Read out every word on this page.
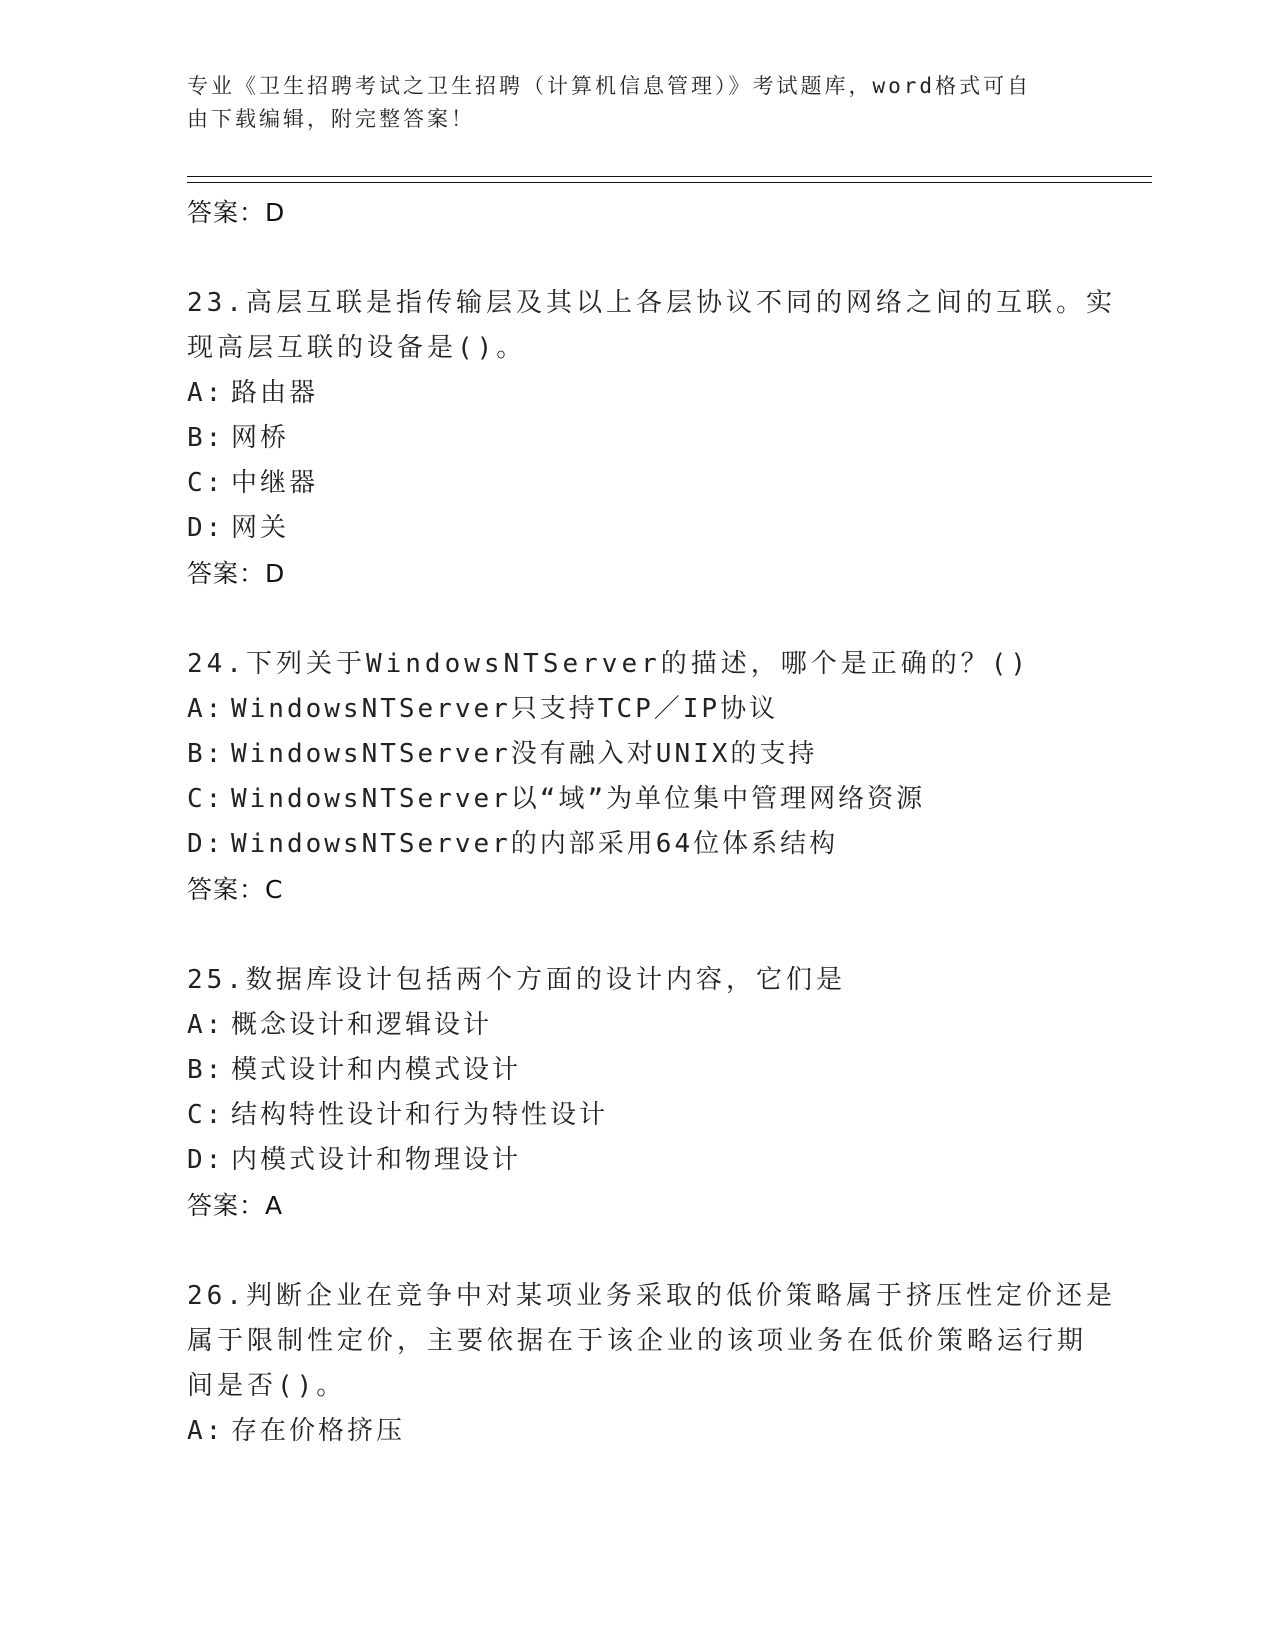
专业《卫生招聘考试之卫生招聘（计算机信息管理）》考试题库，word格式可自
由下载编辑，附完整答案！
答案：D
23.高层互联是指传输层及其以上各层协议不同的网络之间的互联。实
现高层互联的设备是()。
A: 路由器
B: 网桥
C: 中继器
D: 网关
答案：D
24.下列关于WindowsNTServer的描述，哪个是正确的？()
A: WindowsNTServer只支持TCP／IP协议
B: WindowsNTServer没有融入对UNIX的支持
C: WindowsNTServer以“域”为单位集中管理网络资源
D: WindowsNTServer的内部采用64位体系结构
答案：C
25.数据库设计包括两个方面的设计内容，它们是
A: 概念设计和逻辑设计
B: 模式设计和内模式设计
C: 结构特性设计和行为特性设计
D: 内模式设计和物理设计
答案：A
26.判断企业在竞争中对某项业务采取的低价策略属于挤压性定价还是
属于限制性定价，主要依据在于该企业的该项业务在低价策略运行期
间是否()。
A: 存在价格挤压
